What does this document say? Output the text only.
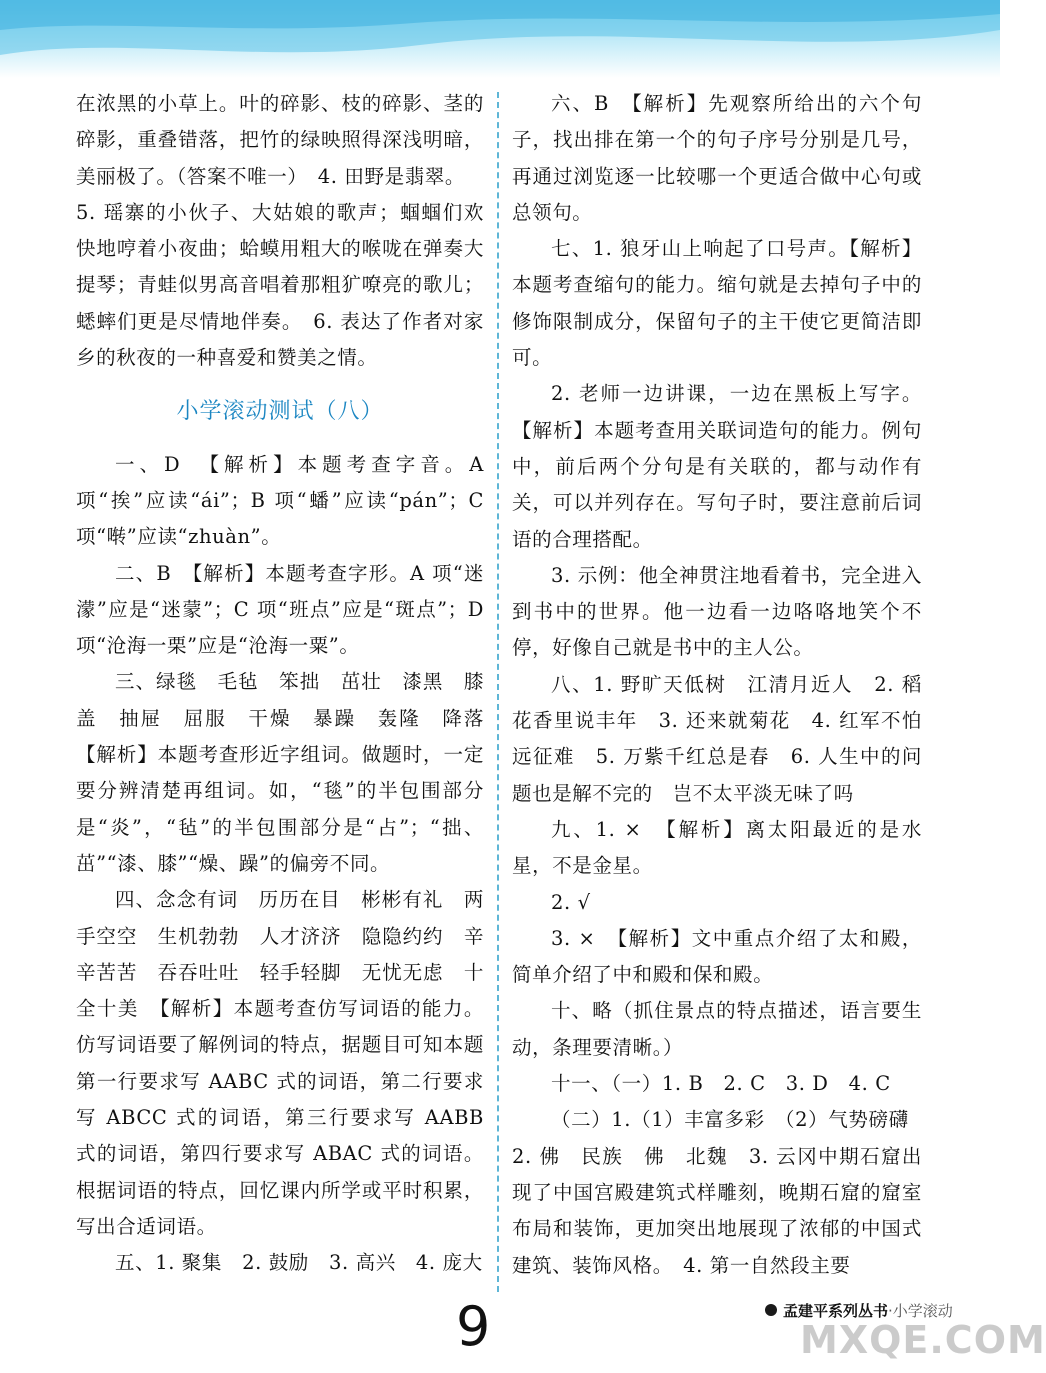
在浓黑的小草上。叶的碎影、枝的碎影、茎的碎影，重叠错落，把竹的绿映照得深浅明暗，美丽极了。（答案不唯一）　4. 田野是翡翠。

5. 瑶寨的小伙子、大姑娘的歌声；蝈蝈们欢快地哼着小夜曲；蛤蟆用粗大的喉咙在弹奏大提琴；青蛙似男高音唱着那粗犷嘹亮的歌儿；蟋蟀们更是尽情地伴奏。　6. 表达了作者对家乡的秋夜的一种喜爱和赞美之情。

小学滚动测试（八）

一、D　【解析】本题考查字音。A 项“挨”应读“ái”；B 项“蟠”应读“pán”；C 项“啭”应读“zhuàn”。

二、B　【解析】本题考查字形。A 项“迷濛”应是“迷蒙”；C 项“班点”应是“斑点”；D 项“沧海一栗”应是“沧海一粟”。

三、绿毯　毛毡　笨拙　茁壮　漆黑　膝盖　抽屉　屈服　干燥　暴躁　轰隆　降落　【解析】本题考查形近字组词。做题时，一定要分辨清楚再组词。如，“毯”的半包围部分是“炎”，“毡”的半包围部分是“占”；“拙、茁”“漆、膝”“燥、躁”的偏旁不同。

四、念念有词　历历在目　彬彬有礼　两手空空　生机勃勃　人才济济　隐隐约约　辛辛苦苦　吞吞吐吐　轻手轻脚　无忧无虑　十全十美　【解析】本题考查仿写词语的能力。仿写词语要了解例词的特点，据题目可知本题第一行要求写 AABC 式的词语，第二行要求写 ABCC 式的词语，第三行要求写 AABB 式的词语，第四行要求写 ABAC 式的词语。根据词语的特点，回忆课内所学或平时积累，写出合适词语。

五、1. 聚集　2. 鼓励　3. 高兴　4. 庞大

六、B　【解析】先观察所给出的六个句子，找出排在第一个的句子序号分别是几号，再通过浏览逐一比较哪一个更适合做中心句或总领句。

七、1. 狼牙山上响起了口号声。【解析】本题考查缩句的能力。缩句就是去掉句子中的修饰限制成分，保留句子的主干使它更简洁即可。

2. 老师一边讲课，一边在黑板上写字。【解析】本题考查用关联词造句的能力。例句中，前后两个分句是有关联的，都与动作有关，可以并列存在。写句子时，要注意前后词语的合理搭配。

3. 示例：他全神贯注地看着书，完全进入到书中的世界。他一边看一边咯咯地笑个不停，好像自己就是书中的主人公。

八、1. 野旷天低树　江清月近人　2. 稻花香里说丰年　3. 还来就菊花　4. 红军不怕远征难　5. 万紫千红总是春　6. 人生中的问题也是解不完的　岂不太平淡无味了吗

九、1. ×　【解析】离太阳最近的是水星，不是金星。

2. √

3. ×　【解析】文中重点介绍了太和殿，简单介绍了中和殿和保和殿。

十、略（抓住景点的特点描述，语言要生动，条理要清晰。）

十一、（一）1. B　2. C　3. D　4. C

（二）1.（1）丰富多彩　（2）气势磅礴

2. 佛　民族　佛　北魏　3. 云冈中期石窟出现了中国宫殿建筑式样雕刻，晚期石窟的窟室布局和装饰，更加突出地展现了浓郁的中国式建筑、装饰风格。　4. 第一自然段主要

9	孟建平系列丛书 ·小学滚动
MXQE.COM
